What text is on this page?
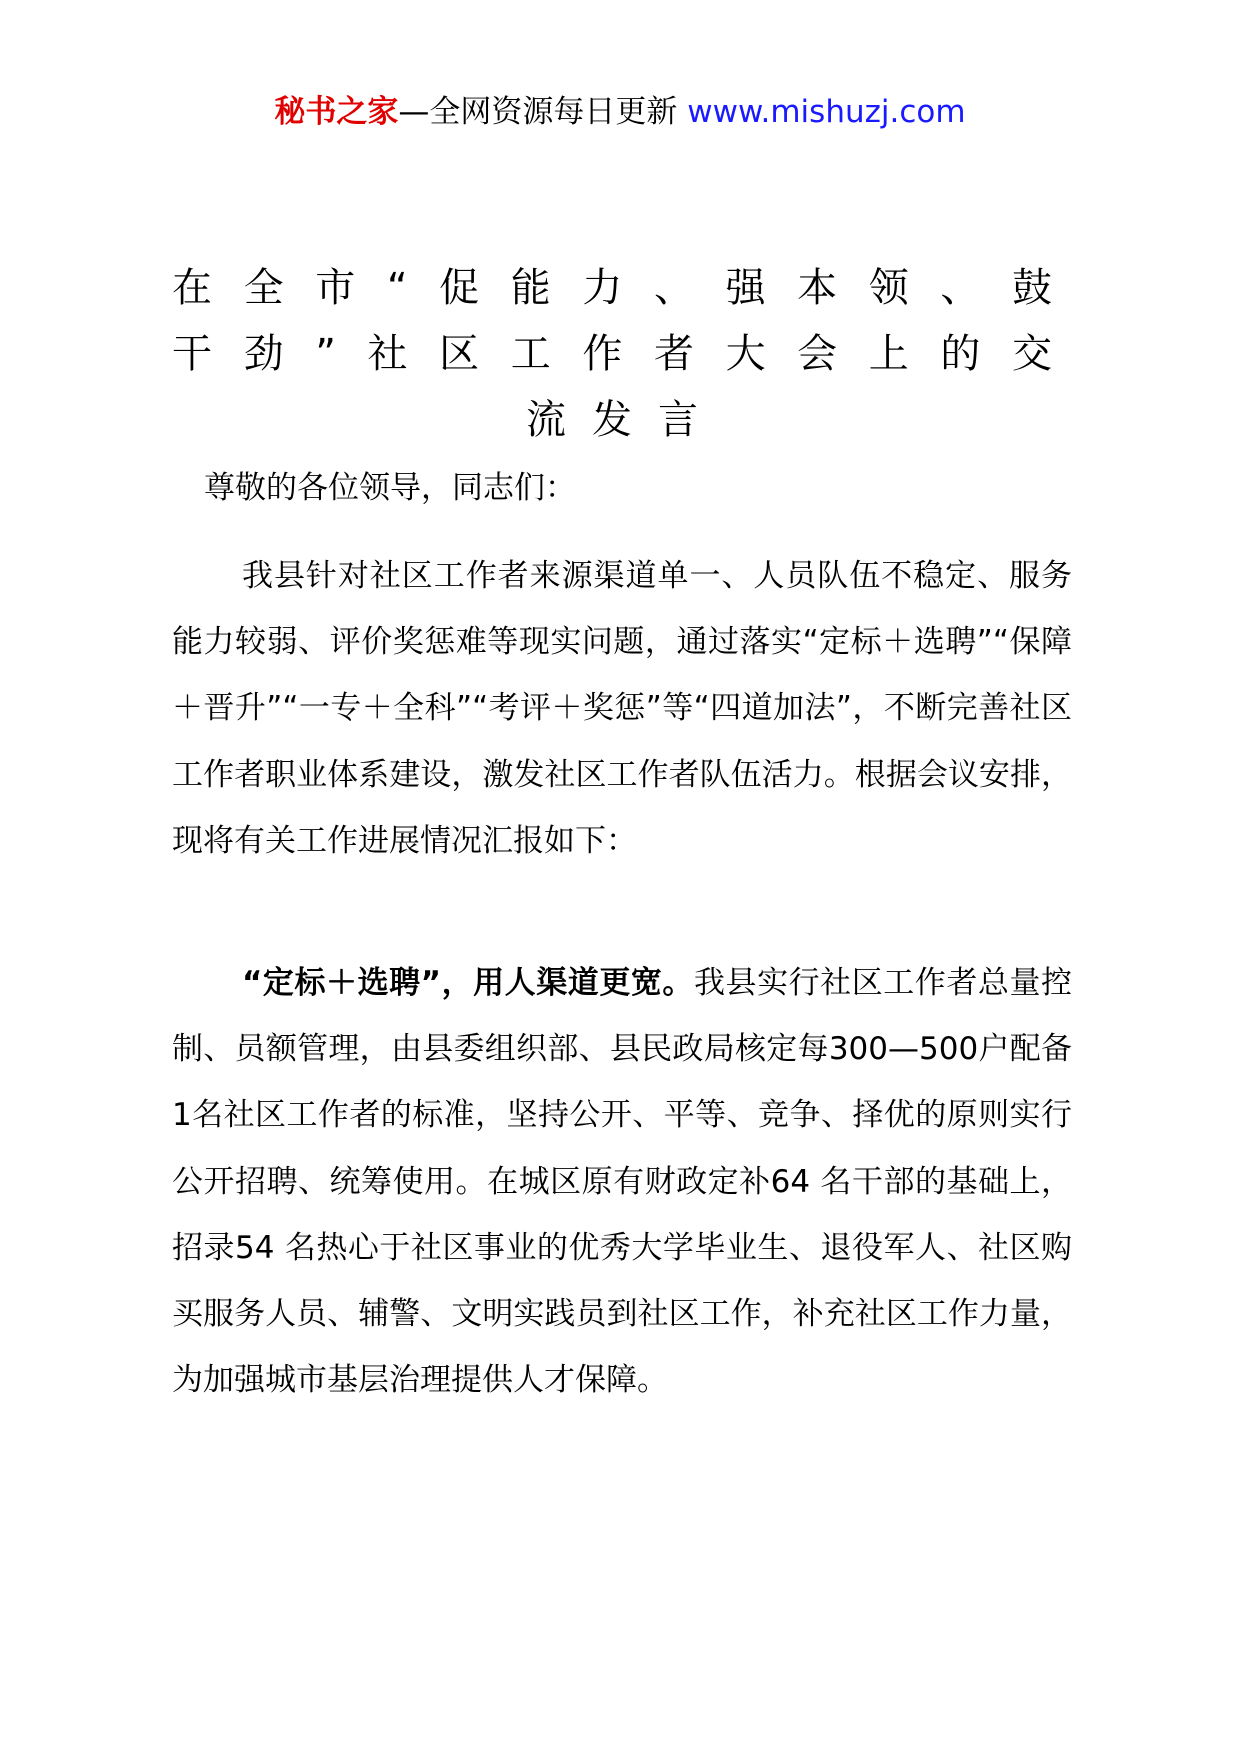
秘书之家—全网资源每日更新 www.mishuzj.com
在全市“促能力、强本领、鼓
干劲”社区工作者大会上的交
流发言
尊敬的各位领导，同志们：

我县针对社区工作者来源渠道单一、人员队伍不稳定、服务能力较弱、评价奖惩难等现实问题，通过落实“定标＋选聘”“保障＋晋升”“一专＋全科”“考评＋奖惩”等“四道加法”，不断完善社区工作者职业体系建设，激发社区工作者队伍活力。根据会议安排，现将有关工作进展情况汇报如下：

“定标＋选聘”，用人渠道更宽。我县实行社区工作者总量控制、员额管理，由县委组织部、县民政局核定每300—500户配备1名社区工作者的标准，坚持公开、平等、竞争、择优的原则实行公开招聘、统筹使用。在城区原有财政定补64 名干部的基础上，招录54 名热心于社区事业的优秀大学毕业生、退役军人、社区购买服务人员、辅警、文明实践员到社区工作，补充社区工作力量，为加强城市基层治理提供人才保障。
